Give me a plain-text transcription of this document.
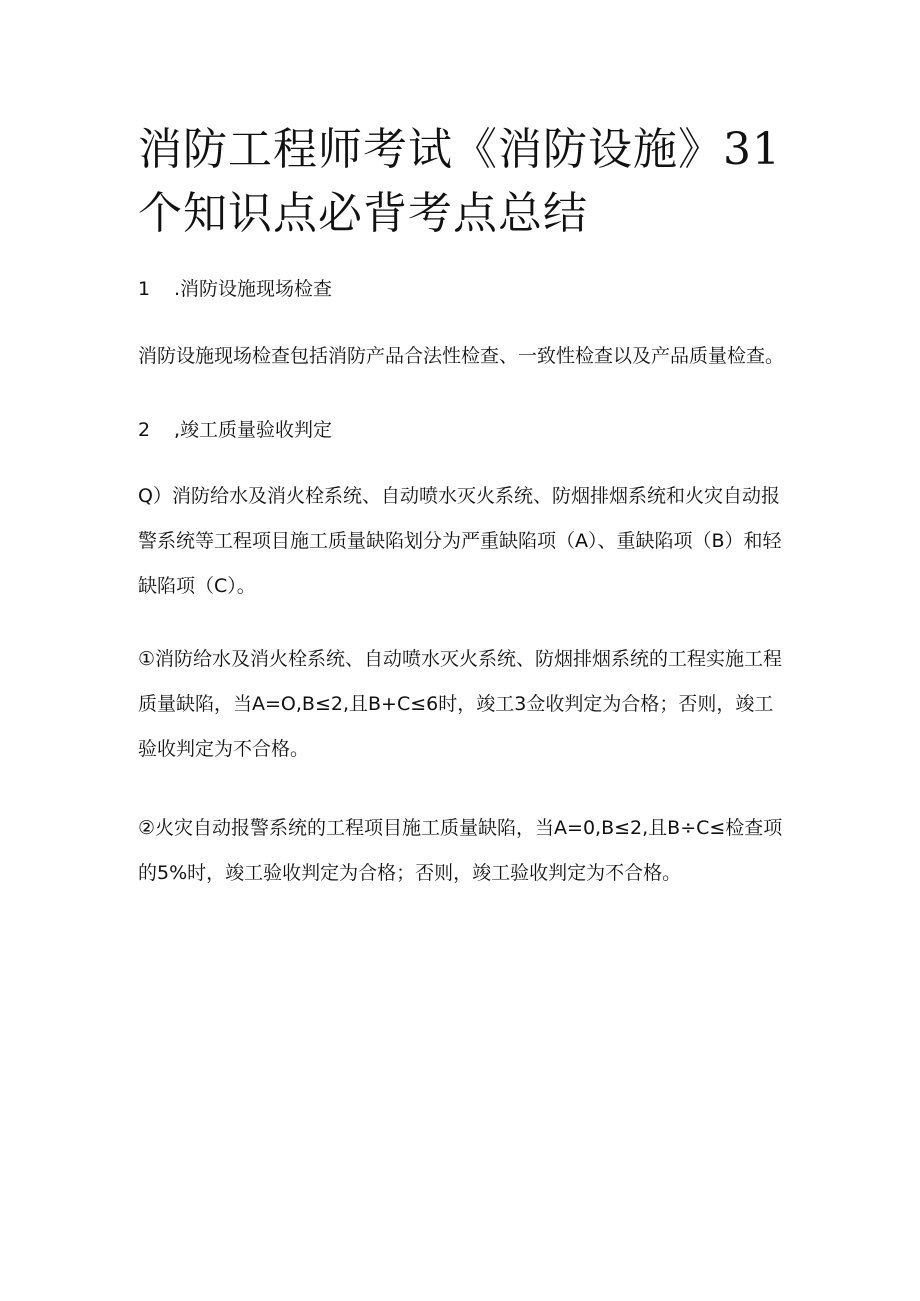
消防工程师考试《消防设施》31个知识点必背考点总结
1 .消防设施现场检查

消防设施现场检查包括消防产品合法性检查、一致性检查以及产品质量检查。

2 ,竣工质量验收判定

Q）消防给水及消火栓系统、自动喷水灭火系统、防烟排烟系统和火灾自动报警系统等工程项目施工质量缺陷划分为严重缺陷项（A）、重缺陷项（B）和轻缺陷项（C）。

①消防给水及消火栓系统、自动喷水灭火系统、防烟排烟系统的工程实施工程质量缺陷，当A=O,B≤2,且B+C≤6时，竣工3佥收判定为合格；否则，竣工验收判定为不合格。

②火灾自动报警系统的工程项目施工质量缺陷，当A=0,B≤2,且B÷C≤检查项的5%时，竣工验收判定为合格；否则，竣工验收判定为不合格。
